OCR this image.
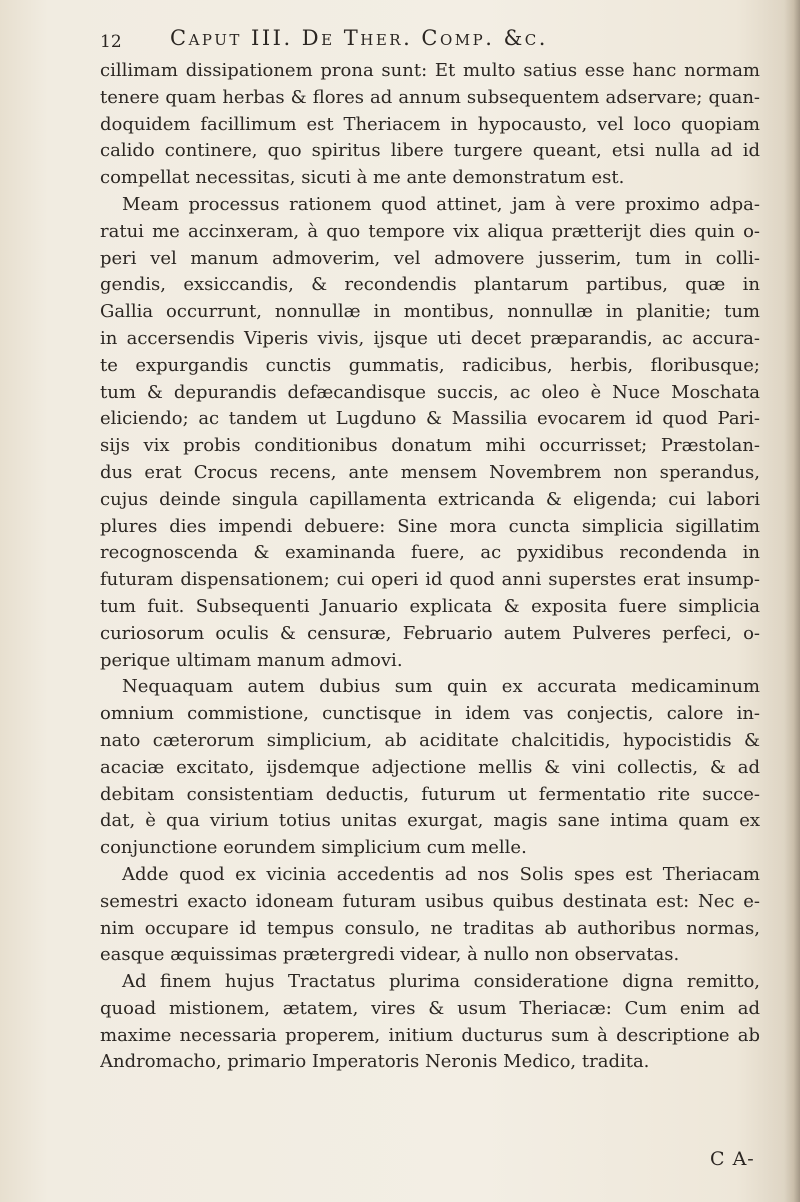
12 Caput III. De Ther. Comp. &c.
cillimam dissipationem prona sunt: Et multo satius esse hanc normam
tenere quam herbas & flores ad annum subsequentem adservare; quan-
doquidem facillimum est Theriacem in hypocausto, vel loco quopiam
calido continere, quo spiritus libere turgere queant, etsi nulla ad id
compellat necessitas, sicuti à me ante demonstratum est.
Meam processus rationem quod attinet, jam à vere proximo adpa-
ratui me accinxeram, à quo tempore vix aliqua prætterijt dies quin o-
peri vel manum admoverim, vel admovere jusserim, tum in colli-
gendis, exsiccandis, & recondendis plantarum partibus, quæ in
Gallia occurrunt, nonnullæ in montibus, nonnullæ in planitie; tum
in accersendis Viperis vivis, ijsque uti decet præparandis, ac accura-
te expurgandis cunctis gummatis, radicibus, herbis, floribusque;
tum & depurandis defæcandisque succis, ac oleo è Nuce Moschata
eliciendo; ac tandem ut Lugduno & Massilia evocarem id quod Pari-
sijs vix probis conditionibus donatum mihi occurrisset; Præstolan-
dus erat Crocus recens, ante mensem Novembrem non sperandus,
cujus deinde singula capillamenta extricanda & eligenda; cui labori
plures dies impendi debuere: Sine mora cuncta simplicia sigillatim
recognoscenda & examinanda fuere, ac pyxidibus recondenda in
futuram dispensationem; cui operi id quod anni superstes erat insump-
tum fuit. Subsequenti Januario explicata & exposita fuere simplicia
curiosorum oculis & censuræ, Februario autem Pulveres perfeci, o-
perique ultimam manum admovi.
Nequaquam autem dubius sum quin ex accurata medicaminum
omnium commistione, cunctisque in idem vas conjectis, calore in-
nato cæterorum simplicium, ab aciditate chalcitidis, hypocistidis &
acaciæ excitato, ijsdemque adjectione mellis & vini collectis, & ad
debitam consistentiam deductis, futurum ut fermentatio rite succe-
dat, è qua virium totius unitas exurgat, magis sane intima quam ex
conjunctione eorundem simplicium cum melle.
Adde quod ex vicinia accedentis ad nos Solis spes est Theriacam
semestri exacto idoneam futuram usibus quibus destinata est: Nec e-
nim occupare id tempus consulo, ne traditas ab authoribus normas,
easque æquissimas prætergredi videar, à nullo non observatas.
Ad finem hujus Tractatus plurima consideratione digna remitto,
quoad mistionem, ætatem, vires & usum Theriacæ: Cum enim ad
maxime necessaria properem, initium ducturus sum à descriptione ab
Andromacho, primario Imperatoris Neronis Medico, tradita.
C A-
